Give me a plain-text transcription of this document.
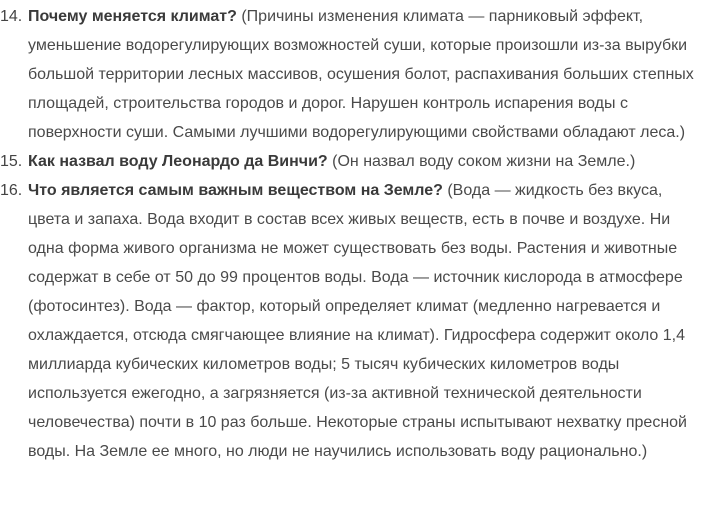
14. Почему меняется климат? (Причины изменения климата — парниковый эффект, уменьшение водорегулирующих возможностей суши, которые произошли из-за вырубки большой территории лесных массивов, осушения болот, распахивания больших степных площадей, строительства городов и дорог. Нарушен контроль испарения воды с поверхности суши. Самыми лучшими водорегулирующими свойствами обладают леса.)
15. Как назвал воду Леонардо да Винчи? (Он назвал воду соком жизни на Земле.)
16. Что является самым важным веществом на Земле? (Вода — жидкость без вкуса, цвета и запаха. Вода входит в состав всех живых веществ, есть в почве и воздухе. Ни одна форма живого организма не может существовать без воды. Растения и животные содержат в себе от 50 до 99 процентов воды. Вода — источник кислорода в атмосфере (фотосинтез). Вода — фактор, который определяет климат (медленно нагревается и охлаждается, отсюда смягчающее влияние на климат). Гидросфера содержит около 1,4 миллиарда кубических километров воды; 5 тысяч кубических километров воды используется ежегодно, а загрязняется (из-за активной технической деятельности человечества) почти в 10 раз больше. Некоторые страны испытывают нехватку пресной воды. На Земле ее много, но люди не научились использовать воду рационально.)
